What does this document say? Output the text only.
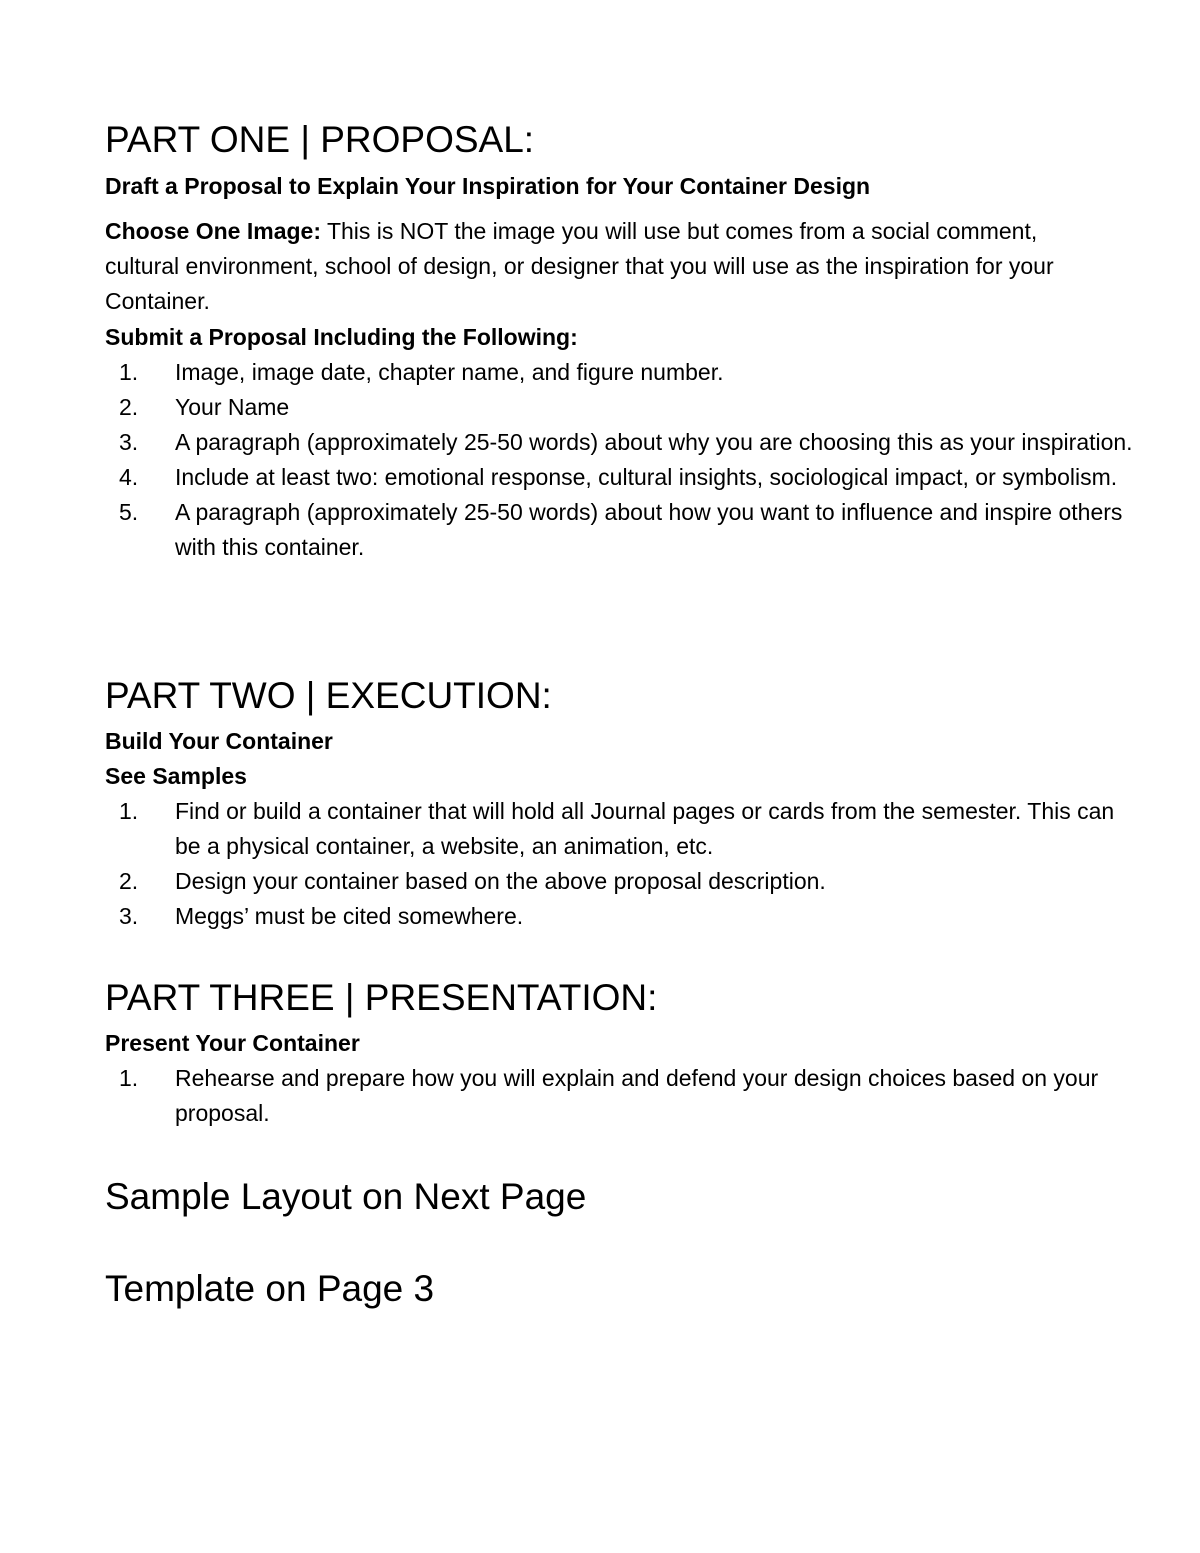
PART ONE | PROPOSAL:
Draft a Proposal to Explain Your Inspiration for Your Container Design

Choose One Image: This is NOT the image you will use but comes from a social comment, cultural environment, school of design, or designer that you will use as the inspiration for your Container.

Submit a Proposal Including the Following:
1. Image, image date, chapter name, and figure number.
2. Your Name
3. A paragraph (approximately 25-50 words) about why you are choosing this as your inspiration.
4. Include at least two: emotional response, cultural insights, sociological impact, or symbolism.
5. A paragraph (approximately 25-50 words) about how you want to influence and inspire others with this container.
PART TWO | EXECUTION:
Build Your Container
See Samples
1. Find or build a container that will hold all Journal pages or cards from the semester. This can be a physical container, a website, an animation, etc.
2. Design your container based on the above proposal description.
3. Meggs’ must be cited somewhere.
PART THREE | PRESENTATION:
Present Your Container
1. Rehearse and prepare how you will explain and defend your design choices based on your proposal.
Sample Layout on Next Page
Template on Page 3
